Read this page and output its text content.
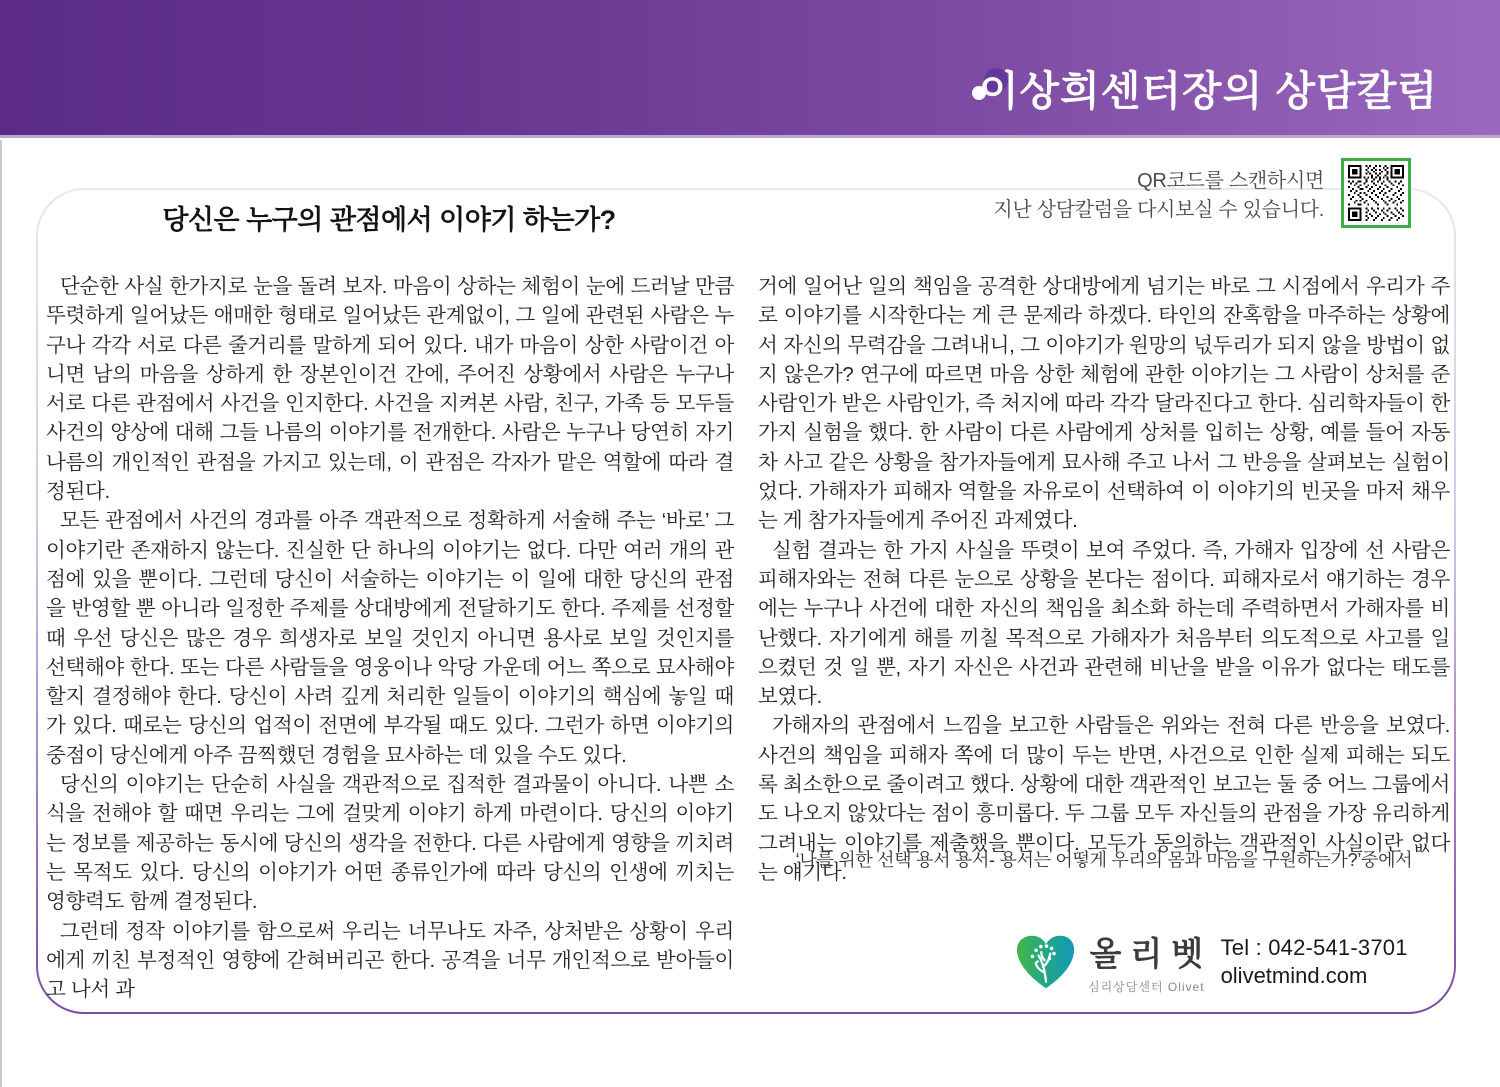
이상희센터장의 상담칼럼
QR코드를 스캔하시면
지난 상담칼럼을 다시보실 수 있습니다.
당신은 누구의 관점에서 이야기 하는가?

단순한 사실 한가지로 눈을 돌려 보자. 마음이 상하는 체험이 눈에 드러날 만큼 뚜렷하게 일어났든 애매한 형태로 일어났든 관계없이, 그 일에 관련된 사람은 누구나 각각 서로 다른 줄거리를 말하게 되어 있다. 내가 마음이 상한 사람이건 아니면 남의 마음을 상하게 한 장본인이건 간에, 주어진 상황에서 사람은 누구나 서로 다른 관점에서 사건을 인지한다. 사건을 지켜본 사람, 친구, 가족 등 모두들 사건의 양상에 대해 그들 나름의 이야기를 전개한다. 사람은 누구나 당연히 자기 나름의 개인적인 관점을 가지고 있는데, 이 관점은 각자가 맡은 역할에 따라 결정된다.

모든 관점에서 사건의 경과를 아주 객관적으로 정확하게 서술해 주는 ‘바로’ 그 이야기란 존재하지 않는다. 진실한 단 하나의 이야기는 없다. 다만 여러 개의 관점에 있을 뿐이다. 그런데 당신이 서술하는 이야기는 이 일에 대한 당신의 관점을 반영할 뿐 아니라 일정한 주제를 상대방에게 전달하기도 한다. 주제를 선정할 때 우선 당신은 많은 경우 희생자로 보일 것인지 아니면 용사로 보일 것인지를 선택해야 한다. 또는 다른 사람들을 영웅이나 악당 가운데 어느 쪽으로 묘사해야 할지 결정해야 한다. 당신이 사려 깊게 처리한 일들이 이야기의 핵심에 놓일 때가 있다. 때로는 당신의 업적이 전면에 부각될 때도 있다. 그런가 하면 이야기의 중점이 당신에게 아주 끔찍했던 경험을 묘사하는 데 있을 수도 있다.

당신의 이야기는 단순히 사실을 객관적으로 집적한 결과물이 아니다. 나쁜 소식을 전해야 할 때면 우리는 그에 걸맞게 이야기 하게 마련이다. 당신의 이야기는 정보를 제공하는 동시에 당신의 생각을 전한다. 다른 사람에게 영향을 끼치려는 목적도 있다. 당신의 이야기가 어떤 종류인가에 따라 당신의 인생에 끼치는 영향력도 함께 결정된다.

그런데 정작 이야기를 함으로써 우리는 너무나도 자주, 상처받은 상황이 우리에게 끼친 부정적인 영향에 갇혀버리곤 한다. 공격을 너무 개인적으로 받아들이고 나서 과

거에 일어난 일의 책임을 공격한 상대방에게 넘기는 바로 그 시점에서 우리가 주로 이야기를 시작한다는 게 큰 문제라 하겠다. 타인의 잔혹함을 마주하는 상황에서 자신의 무력감을 그려내니, 그 이야기가 원망의 넋두리가 되지 않을 방법이 없지 않은가? 연구에 따르면 마음 상한 체험에 관한 이야기는 그 사람이 상처를 준 사람인가 받은 사람인가, 즉 처지에 따라 각각 달라진다고 한다. 심리학자들이 한 가지 실험을 했다. 한 사람이 다른 사람에게 상처를 입히는 상황, 예를 들어 자동차 사고 같은 상황을 참가자들에게 묘사해 주고 나서 그 반응을 살펴보는 실험이었다. 가해자가 피해자 역할을 자유로이 선택하여 이 이야기의 빈곳을 마저 채우는 게 참가자들에게 주어진 과제였다.

실험 결과는 한 가지 사실을 뚜렷이 보여 주었다. 즉, 가해자 입장에 선 사람은 피해자와는 전혀 다른 눈으로 상황을 본다는 점이다. 피해자로서 얘기하는 경우에는 누구나 사건에 대한 자신의 책임을 최소화 하는데 주력하면서 가해자를 비난했다. 자기에게 해를 끼칠 목적으로 가해자가 처음부터 의도적으로 사고를 일으켰던 것 일 뿐, 자기 자신은 사건과 관련해 비난을 받을 이유가 없다는 태도를 보였다.

가해자의 관점에서 느낌을 보고한 사람들은 위와는 전혀 다른 반응을 보였다. 사건의 책임을 피해자 쪽에 더 많이 두는 반면, 사건으로 인한 실제 피해는 되도록 최소한으로 줄이려고 했다. 상황에 대한 객관적인 보고는 둘 중 어느 그룹에서도 나오지 않았다는 점이 흥미롭다. 두 그룹 모두 자신들의 관점을 가장 유리하게 그려내는 이야기를 제출했을 뿐이다. 모두가 동의하는 객관적인 사실이란 없다는 얘기다.

‘나를 위한 선택 용서 용서- 용서는 어떻게 우리의 몸과 마음을 구원하는가?’중에서
올리벳
심리상담센터 Olivet
Tel : 042-541-3701
olivetmind.com
